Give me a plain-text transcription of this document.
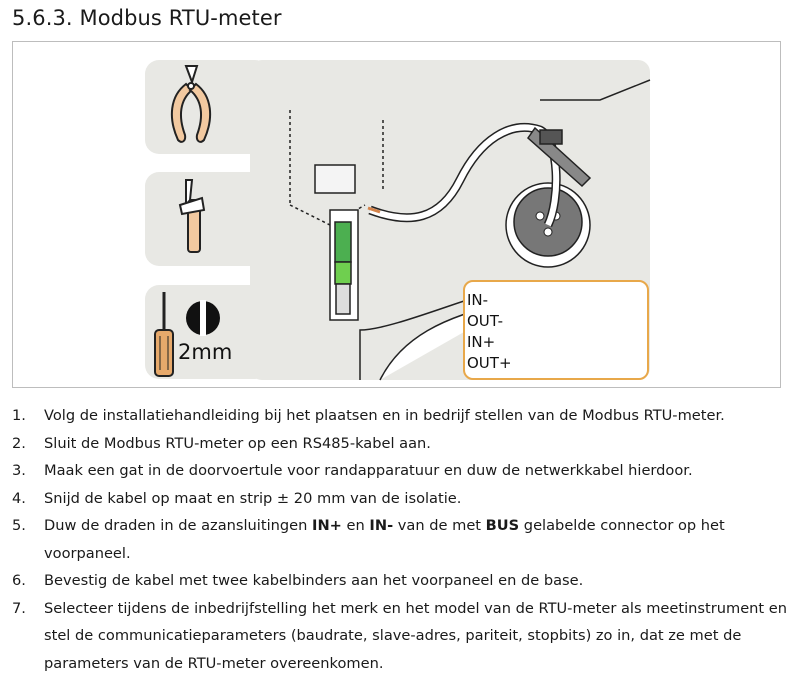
5.6.3. Modbus RTU-meter
IN-
OUT-
IN+
OUT+
2mm
1. Volg de installatiehandleiding bij het plaatsen en in bedrijf stellen van de Modbus RTU-meter.
2. Sluit de Modbus RTU-meter op een RS485-kabel aan.
3. Maak een gat in de doorvoertule voor randapparatuur en duw de netwerkkabel hierdoor.
4. Snijd de kabel op maat en strip ± 20 mm van de isolatie.
5. Duw de draden in de azansluitingen IN+ en IN- van de met BUS gelabelde connector op het voorpaneel.
6. Bevestig de kabel met twee kabelbinders aan het voorpaneel en de base.
7. Selecteer tijdens de inbedrijfstelling het merk en het model van de RTU-meter als meetinstrument en stel de communicatieparameters (baudrate, slave-adres, pariteit, stopbits) zo in, dat ze met de parameters van de RTU-meter overeenkomen.
